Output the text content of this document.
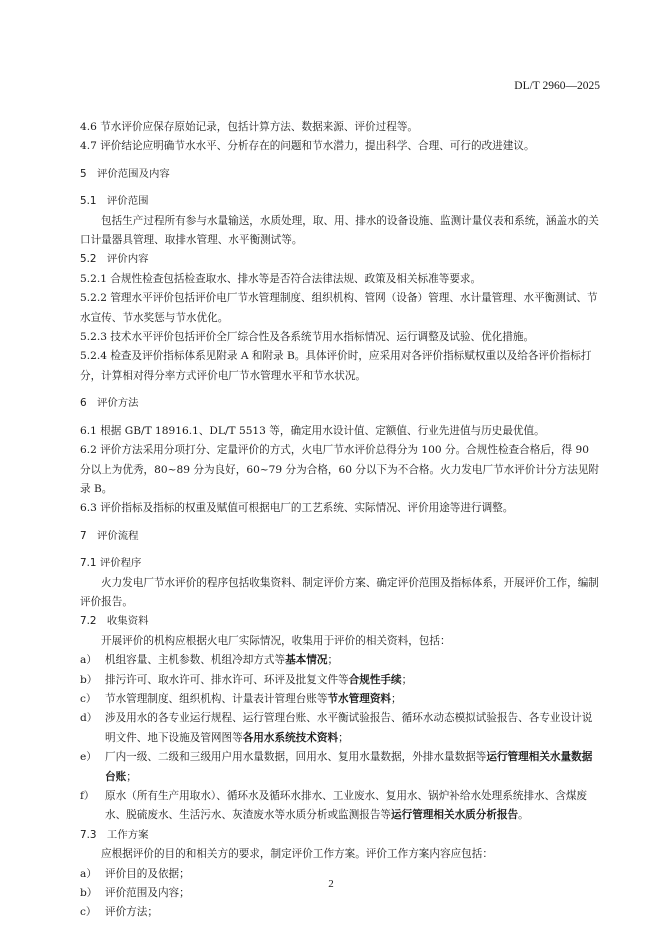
DL/T 2960—2025
4.6 节水评价应保存原始记录，包括计算方法、数据来源、评价过程等。
4.7 评价结论应明确节水水平、分析存在的问题和节水潜力，提出科学、合理、可行的改进建议。
5　评价范围及内容
5.1　评价范围
包括生产过程所有参与水量输送，水质处理，取、用、排水的设备设施、监测计量仪表和系统，涵盖水的关口计量器具管理、取排水管理、水平衡测试等。
5.2　评价内容
5.2.1 合规性检查包括检查取水、排水等是否符合法律法规、政策及相关标准等要求。
5.2.2 管理水平评价包括评价电厂节水管理制度、组织机构、管网（设备）管理、水计量管理、水平衡测试、节水宣传、节水奖惩与节水优化。
5.2.3 技术水平评价包括评价全厂综合性及各系统节用水指标情况、运行调整及试验、优化措施。
5.2.4 检查及评价指标体系见附录 A 和附录 B。具体评价时，应采用对各评价指标赋权重以及给各评价指标打分，计算相对得分率方式评价电厂节水管理水平和节水状况。
6　评价方法
6.1 根据 GB/T 18916.1、DL/T 5513 等，确定用水设计值、定额值、行业先进值与历史最优值。
6.2 评价方法采用分项打分、定量评价的方式，火电厂节水评价总得分为 100 分。合规性检查合格后，得 90 分以上为优秀，80~89 分为良好，60~79 分为合格，60 分以下为不合格。火力发电厂节水评价计分方法见附录 B。
6.3 评价指标及指标的权重及赋值可根据电厂的工艺系统、实际情况、评价用途等进行调整。
7　评价流程
7.1 评价程序
火力发电厂节水评价的程序包括收集资料、制定评价方案、确定评价范围及指标体系，开展评价工作，编制评价报告。
7.2　收集资料
开展评价的机构应根据火电厂实际情况，收集用于评价的相关资料，包括：
a） 机组容量、主机参数、机组冷却方式等基本情况；
b） 排污许可、取水许可、排水许可、环评及批复文件等合规性手续；
c） 节水管理制度、组织机构、计量表计管理台账等节水管理资料；
d） 涉及用水的各专业运行规程、运行管理台账、水平衡试验报告、循环水动态模拟试验报告、各专业设计说明文件、地下设施及管网图等各用水系统技术资料；
e） 厂内一级、二级和三级用户用水量数据，回用水、复用水量数据，外排水量数据等运行管理相关水量数据台账；
f） 原水（所有生产用取水）、循环水及循环水排水、工业废水、复用水、锅炉补给水处理系统排水、含煤废水、脱硫废水、生活污水、灰渣废水等水质分析或监测报告等运行管理相关水质分析报告。
7.3　工作方案
应根据评价的目的和相关方的要求，制定评价工作方案。评价工作方案内容应包括：
a） 评价目的及依据；
b） 评价范围及内容；
c） 评价方法；
2
